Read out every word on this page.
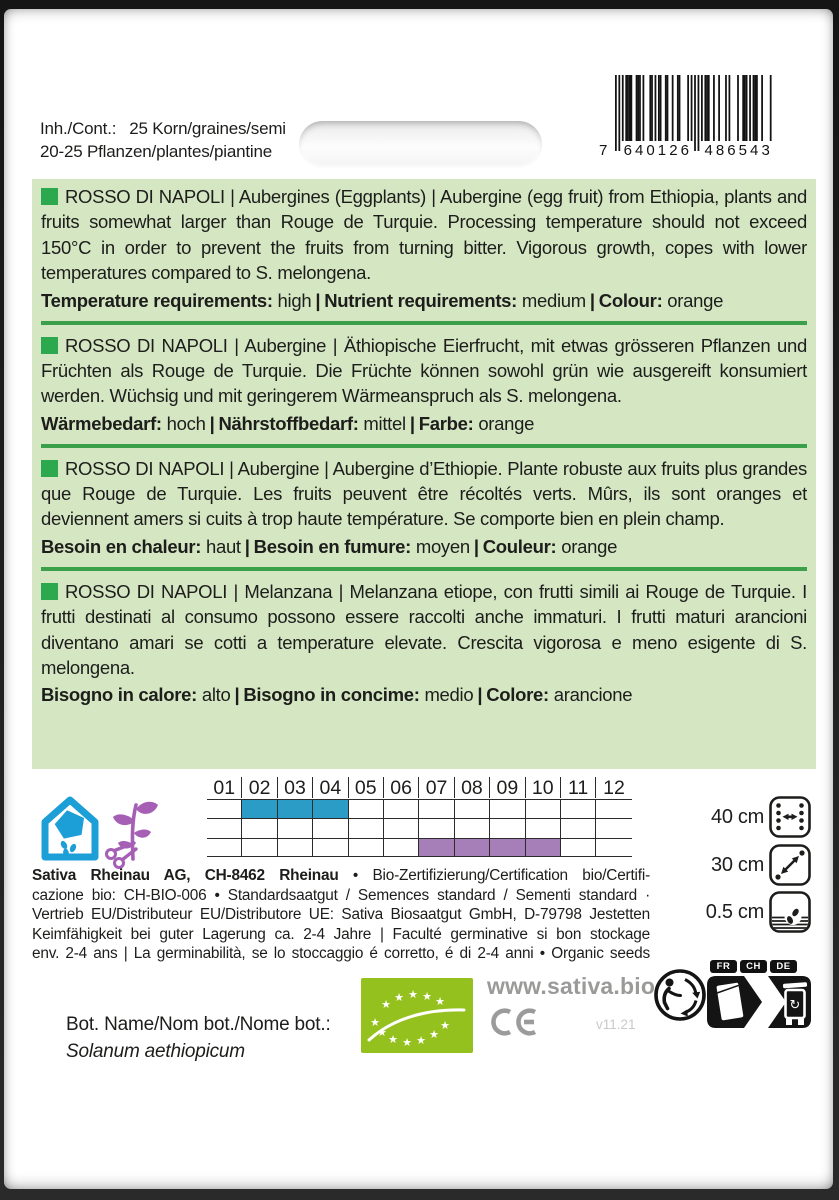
Inh./Cont.: 25 Korn/graines/semi
20-25 Pflanzen/plantes/piantine	7 640126 486543

ROSSO DI NAPOLI | Aubergines (Eggplants) | Aubergine (egg fruit) from Ethiopia, plants and fruits somewhat larger than Rouge de Turquie. Processing temperature should not exceed 150°C in order to prevent the fruits from turning bitter. Vigorous growth, copes with lower temperatures compared to S. melongena.

Temperature requirements: high | Nutrient requirements: medium | Colour: orange

ROSSO DI NAPOLI | Aubergine | Äthiopische Eierfrucht, mit etwas grösseren Pflanzen und Früchten als Rouge de Turquie. Die Früchte können sowohl grün wie ausgereift konsumiert werden. Wüchsig und mit geringerem Wärmeanspruch als S. melongena.

Wärmebedarf: hoch | Nährstoffbedarf: mittel | Farbe: orange

ROSSO DI NAPOLI | Aubergine | Aubergine d’Ethiopie. Plante robuste aux fruits plus grandes que Rouge de Turquie. Les fruits peuvent être récoltés verts. Mûrs, ils sont oranges et deviennent amers si cuits à trop haute température. Se comporte bien en plein champ.

Besoin en chaleur: haut | Besoin en fumure: moyen | Couleur: orange

ROSSO DI NAPOLI | Melanzana | Melanzana etiope, con frutti simili ai Rouge de Turquie. I frutti destinati al consumo possono essere raccolti anche immaturi. I frutti maturi arancioni diventano amari se cotti a temperature elevate. Crescita vigorosa e meno esigente di S. melongena.

Bisogno in calore: alto | Bisogno in concime: medio | Colore: arancione

01 02 03 04 05 06 07 08 09 10 11 12
40 cm
30 cm
0.5 cm
Sativa Rheinau AG, CH-8462 Rheinau • Bio-Zertifizierung/Certification bio/Certifi-
cazione bio: CH-BIO-006 • Standardsaatgut / Semences standard / Sementi standard ·
Vertrieb EU/Distributeur EU/Distributore UE: Sativa Biosaatgut GmbH, D-79798 Jestetten
Keimfähigkeit bei guter Lagerung ca. 2-4 Jahre | Faculté germinative si bon stockage
env. 2-4 ans | La germinabilità, se lo stoccaggio é corretto, é di 2-4 anni • Organic seeds
Bot. Name/Nom bot./Nome bot.:
Solanum aethiopicum
★
★ ★ ★ ★
★
★
★ ★ ★ ★
★
www.sativa.bio
v11.21
FR	CH	DE
↻
